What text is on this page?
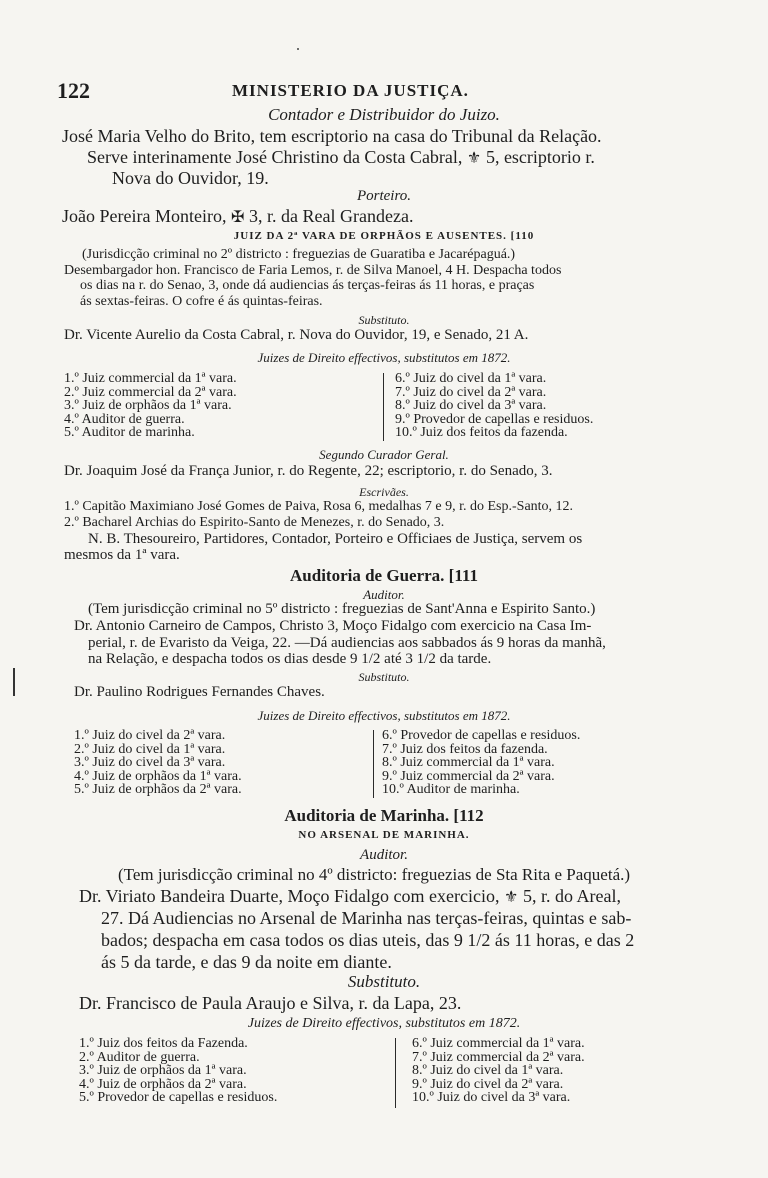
122	MINISTERIO DA JUSTIÇA.
Contador e Distribuidor do Juizo.
José Maria Velho do Brito, tem escriptorio na casa do Tribunal da Relação.
Serve interinamente José Christino da Costa Cabral, ⚜ 5, escriptorio r.
Nova do Ouvidor, 19.
Porteiro.
João Pereira Monteiro, ✠ 3, r. da Real Grandeza.
JUIZ DA 2ª VARA DE ORPHÃOS E AUSENTES. [110
(Jurisdicção criminal no 2º districto : freguezias de Guaratiba e Jacarépaguá.)
Desembargador hon. Francisco de Faria Lemos, r. de Silva Manoel, 4 H. Despacha todos
os dias na r. do Senao, 3, onde dá audiencias ás terças-feiras ás 11 horas, e praças
ás sextas-feiras. O cofre é ás quintas-feiras.
Substituto.
Dr. Vicente Aurelio da Costa Cabral, r. Nova do Ouvidor, 19, e Senado, 21 A.
Juizes de Direito effectivos, substitutos em 1872.
1.º Juiz commercial da 1ª vara.
2.º Juiz commercial da 2ª vara.
3.º Juiz de orphãos da 1ª vara.
4.º Auditor de guerra.
5.º Auditor de marinha.
6.º Juiz do civel da 1ª vara.
7.º Juiz do civel da 2ª vara.
8.º Juiz do civel da 3ª vara.
9.º Provedor de capellas e residuos.
10.º Juiz dos feitos da fazenda.
Segundo Curador Geral.
Dr. Joaquim José da França Junior, r. do Regente, 22; escriptorio, r. do Senado, 3.
Escrivães.
1.º Capitão Maximiano José Gomes de Paiva, Rosa 6, medalhas 7 e 9, r. do Esp.-Santo, 12.
2.º Bacharel Archias do Espirito-Santo de Menezes, r. do Senado, 3.
N. B. Thesoureiro, Partidores, Contador, Porteiro e Officiaes de Justiça, servem os
mesmos da 1ª vara.
Auditoria de Guerra. [111
Auditor.
(Tem jurisdicção criminal no 5º districto : freguezias de Sant'Anna e Espirito Santo.)
Dr. Antonio Carneiro de Campos, Christo 3, Moço Fidalgo com exercicio na Casa Im-
perial, r. de Evaristo da Veiga, 22. —Dá audiencias aos sabbados ás 9 horas da manhã,
na Relação, e despacha todos os dias desde 9 1/2 até 3 1/2 da tarde.
Substituto.
Dr. Paulino Rodrigues Fernandes Chaves.
Juizes de Direito effectivos, substitutos em 1872.
1.º Juiz do civel da 2ª vara.
2.º Juiz do civel da 1ª vara.
3.º Juiz do civel da 3ª vara.
4.º Juiz de orphãos da 1ª vara.
5.º Juiz de orphãos da 2ª vara.
6.º Provedor de capellas e residuos.
7.º Juiz dos feitos da fazenda.
8.º Juiz commercial da 1ª vara.
9.º Juiz commercial da 2ª vara.
10.º Auditor de marinha.
Auditoria de Marinha. [112
NO ARSENAL DE MARINHA.
Auditor.
(Tem jurisdicção criminal no 4º districto: freguezias de Sta Rita e Paquetá.)
Dr. Viriato Bandeira Duarte, Moço Fidalgo com exercicio, ⚜ 5, r. do Areal,
27. Dá Audiencias no Arsenal de Marinha nas terças-feiras, quintas e sab-
bados; despacha em casa todos os dias uteis, das 9 1/2 ás 11 horas, e das 2
ás 5 da tarde, e das 9 da noite em diante.
Substituto.
Dr. Francisco de Paula Araujo e Silva, r. da Lapa, 23.
Juizes de Direito effectivos, substitutos em 1872.
1.º Juiz dos feitos da Fazenda.
2.º Auditor de guerra.
3.º Juiz de orphãos da 1ª vara.
4.º Juiz de orphãos da 2ª vara.
5.º Provedor de capellas e residuos.
6.º Juiz commercial da 1ª vara.
7.º Juiz commercial da 2ª vara.
8.º Juiz do civel da 1ª vara.
9.º Juiz do civel da 2ª vara.
10.º Juiz do civel da 3ª vara.
